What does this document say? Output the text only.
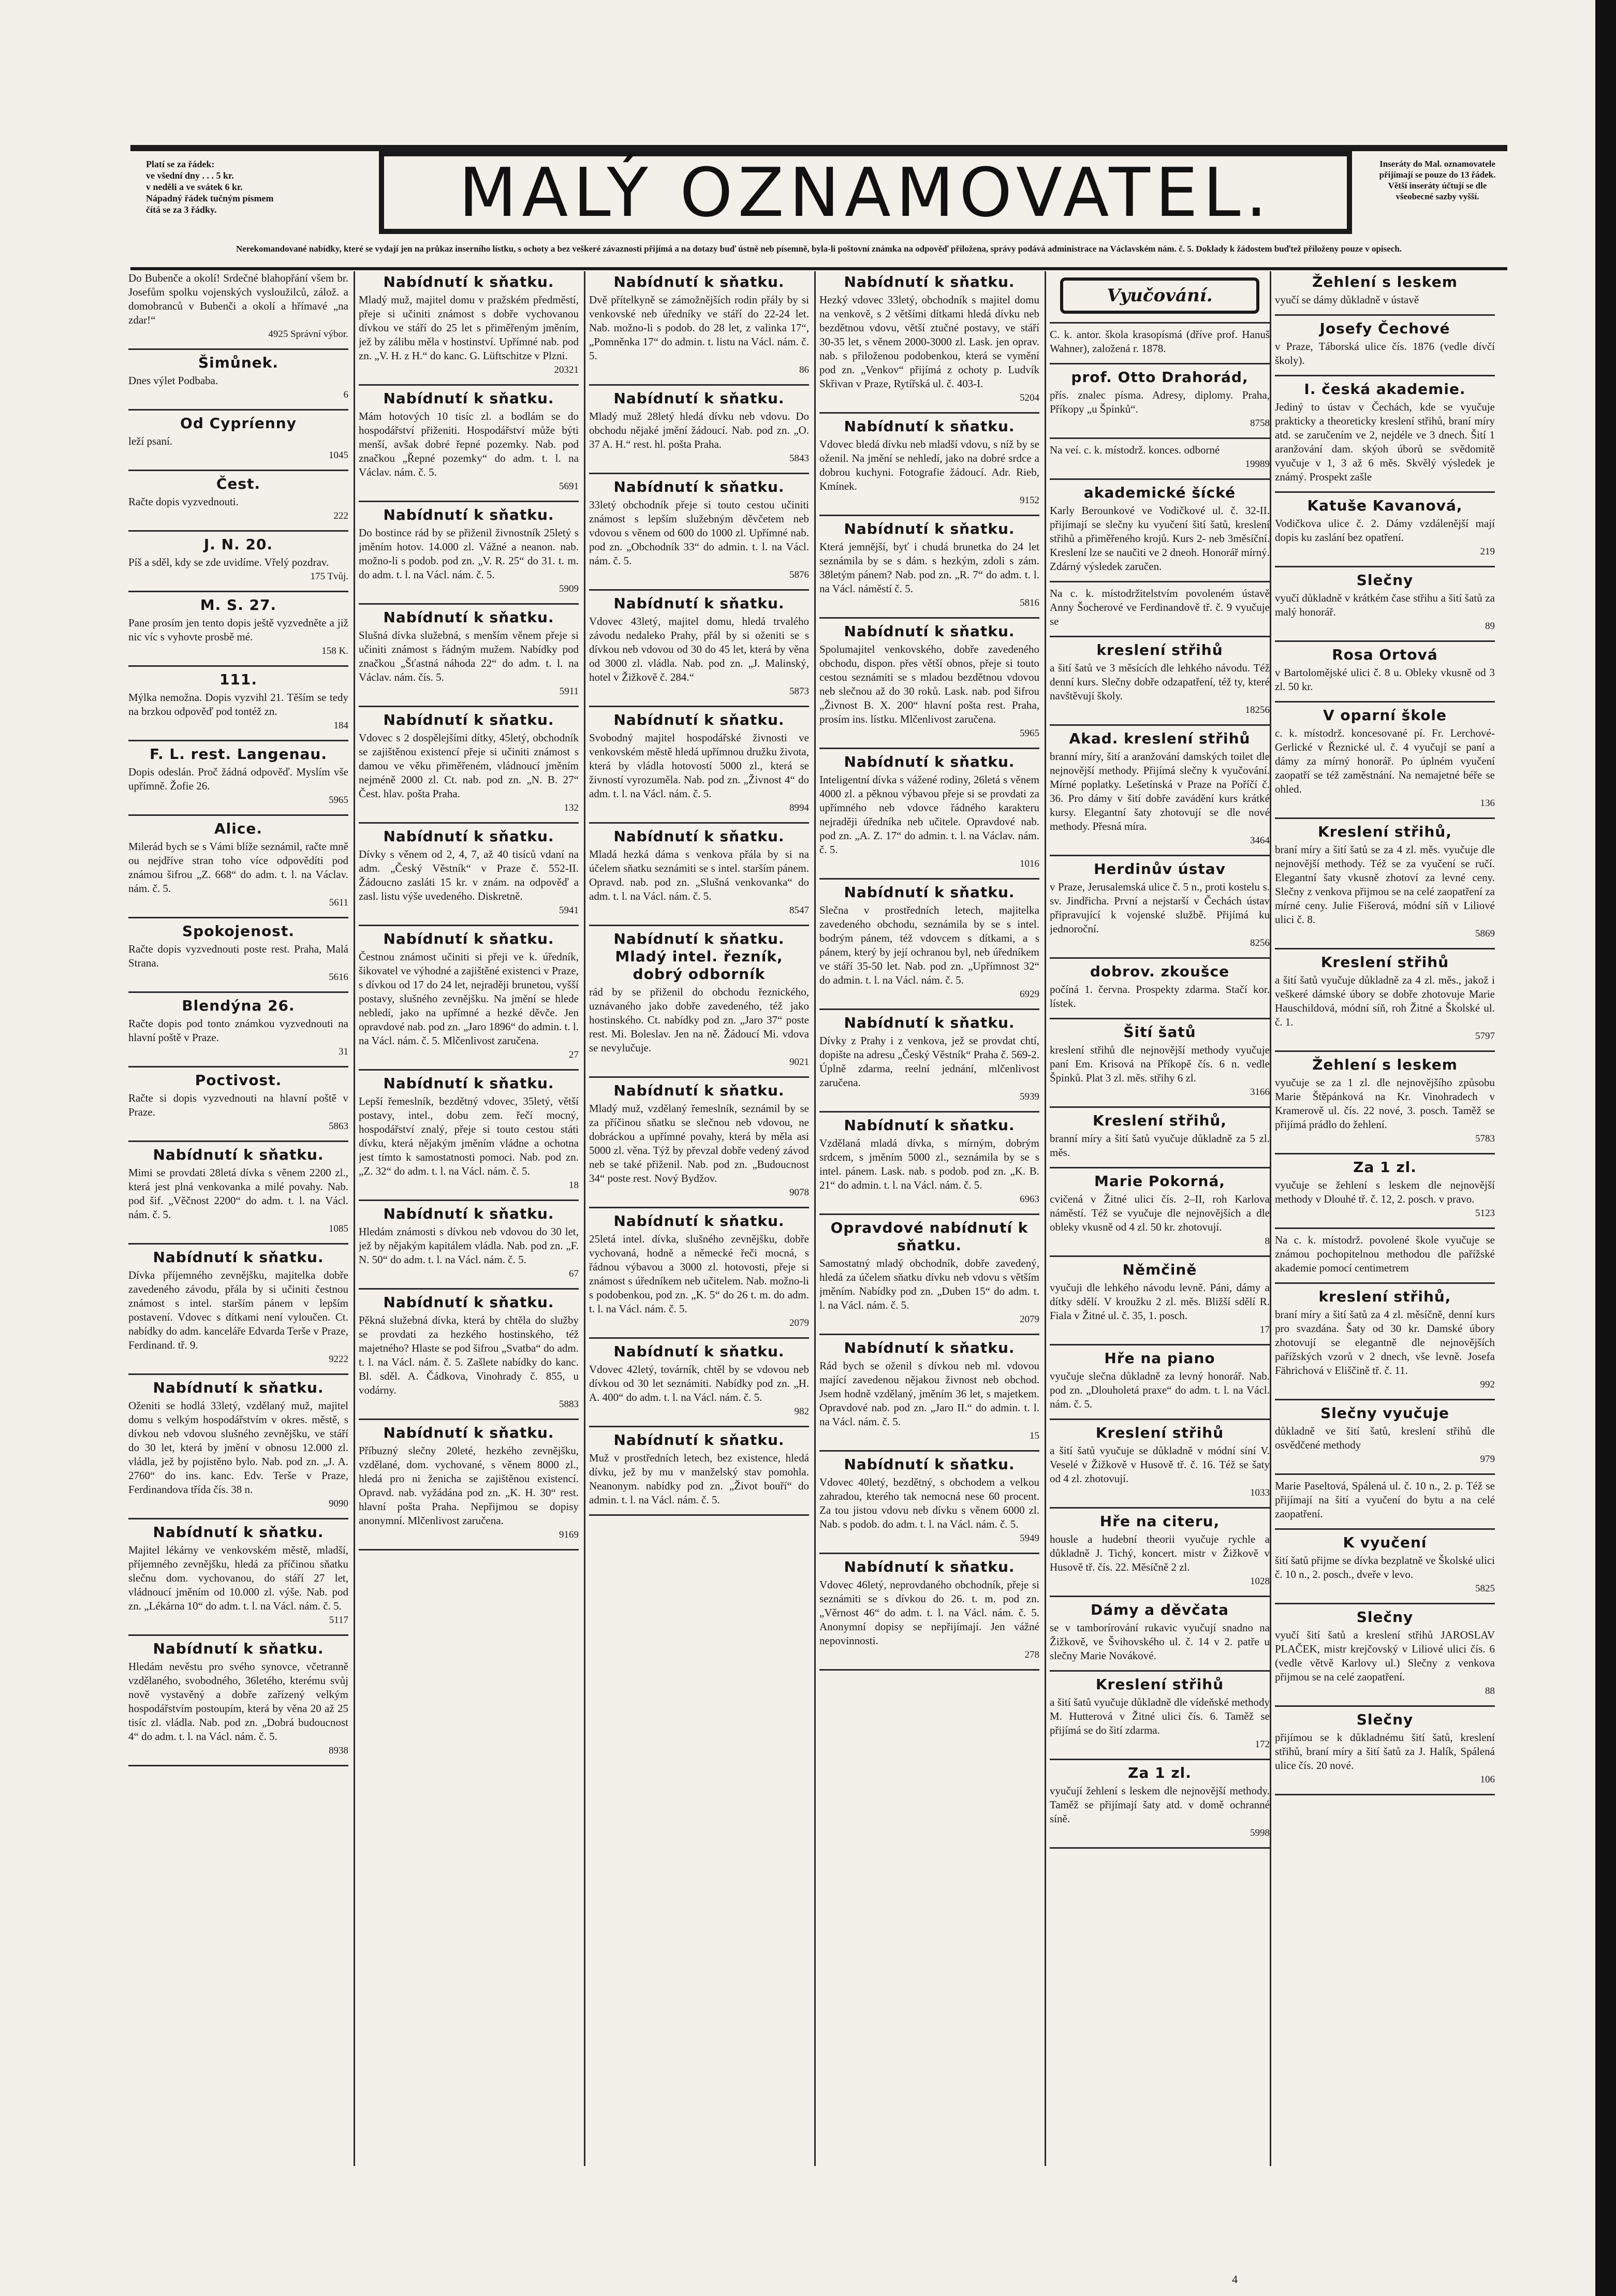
Platí se za řádek:
ve všední dny . . . 5 kr.
v neděli a ve svátek 6 kr.
Nápadný řádek tučným písmem
čítá se za 3 řádky.	MALÝ OZNAMOVATEL.	Inseráty do Mal. oznamovatele
přijímají se pouze do 13 řádek.
Větší inseráty účtují se dle všeobecné sazby vyšší.
Nerekomandované nabídky, které se vydají jen na průkaz inserního lístku, s ochoty a bez veškeré závaznosti přijímá a na dotazy buď ústně neb písemně, byla-li poštovní známka na odpověď přiložena, správy podává administrace na Václavském nám. č. 5. Doklady k žádostem buďtež přiloženy pouze v opisech.
Do Bubenče a okolí! Srdečné blahopřání všem br. Josefům spolku vojenských vysloužilců, zálož. a domobranců v Bubenči a okolí a hřímavé „na zdar!“
4925 Správní výbor.
Šimůnek.
Dnes výlet Podbaba.
6
Od Cypríenny
leží psaní.
1045
Čest.
Račte dopis vyzvednouti.
222
J. N. 20.
Píš a sděl, kdy se zde uvidíme. Vřelý pozdrav.
175 Tvůj.
M. S. 27.
Pane prosím jen tento dopis ještě vyzvedněte a již nic víc s vyhovte prosbě mé.
158 K.
111.
Mýlka nemožna. Dopis vyzvihl 21. Těším se tedy na brzkou odpověď pod tontéž zn.
184
F. L. rest. Langenau.
Dopis odeslán. Proč žádná odpověď. Myslím vše upřímně. Žofie 26.
5965
Alice.
Milerád bych se s Vámi blíže seznámil, račte mně ou nejdříve stran toho více odpovědíti pod známou šifrou „Z. 668“ do adm. t. l. na Václav. nám. č. 5.
5611
Spokojenost.
Račte dopis vyzvednouti poste rest. Praha, Malá Strana.
5616
Blendýna 26.
Račte dopis pod tonto známkou vyzvednouti na hlavní poště v Praze.
31
Poctivost.
Račte si dopis vyzvednouti na hlavní poště v Praze.
5863
Nabídnutí k sňatku.
Mimi se provdati 28letá dívka s věnem 2200 zl., která jest plná venkovanka a milé povahy. Nab. pod šif. „Věčnost 2200“ do adm. t. l. na Václ. nám. č. 5.
1085
Nabídnutí k sňatku.
Dívka příjemného zevnějšku, majitelka dobře zavedeného závodu, přála by si učiniti čestnou známost s intel. starším pánem v lepším postavení. Vdovec s dítkami není vyloučen. Ct. nabídky do adm. kanceláře Edvarda Terše v Praze, Ferdinand. tř. 9.
9222
Nabídnutí k sňatku.
Oženiti se hodlá 33letý, vzdělaný muž, majitel domu s velkým hospodářstvím v okres. městě, s dívkou neb vdovou slušného zevnějšku, ve stáří do 30 let, která by jmění v obnosu 12.000 zl. vládla, jež by pojistěno bylo. Nab. pod zn. „J. A. 2760“ do ins. kanc. Edv. Terše v Praze, Ferdinandova třída čís. 38 n.
9090
Nabídnutí k sňatku.
Majitel lékárny ve venkovském městě, mladší, příjemného zevnějšku, hledá za příčinou sňatku slečnu dom. vychovanou, do stáří 27 let, vládnoucí jměním od 10.000 zl. výše. Nab. pod zn. „Lékárna 10“ do adm. t. l. na Václ. nám. č. 5.
5117
Nabídnutí k sňatku.
Hledám nevěstu pro svého synovce, včetranně vzdělaného, svobodného, 36letého, kterému svůj nově vystavěný a dobře zařízený velkým hospodářstvím postoupím, která by věna 20 až 25 tisíc zl. vládla. Nab. pod zn. „Dobrá budoucnost 4“ do adm. t. l. na Václ. nám. č. 5.
8938
Nabídnutí k sňatku.
Mladý muž, majitel domu v pražském předměstí, přeje si učiniti známost s dobře vychovanou dívkou ve stáří do 25 let s přiměřeným jměním, jež by zálibu měla v hostinství. Upřímné nab. pod zn. „V. H. z H.“ do kanc. G. Lüftschitze v Plzni.
20321
Nabídnutí k sňatku.
Mám hotových 10 tisíc zl. a bodlám se do hospodářství přiženiti. Hospodářství může býti menší, avšak dobré řepné pozemky. Nab. pod značkou „Řepné pozemky“ do adm. t. l. na Václav. nám. č. 5.
5691
Nabídnutí k sňatku.
Do bostince rád by se přiženil živnostník 25letý s jměním hotov. 14.000 zl. Vážné a neanon. nab. možno-li s podob. pod zn. „V. R. 25“ do 31. t. m. do adm. t. l. na Václ. nám. č. 5.
5909
Nabídnutí k sňatku.
Slušná dívka služebná, s menším věnem přeje si učiniti známost s řádným mužem. Nabídky pod značkou „Šťastná náhoda 22“ do adm. t. l. na Václav. nám. čís. 5.
5911
Nabídnutí k sňatku.
Vdovec s 2 dospělejšími dítky, 45letý, obchodník se zajištěnou existencí přeje si učiniti známost s damou ve věku přiměřeném, vládnoucí jměním nejméně 2000 zl. Ct. nab. pod zn. „N. B. 27“ Čest. hlav. pošta Praha.
132
Nabídnutí k sňatku.
Dívky s věnem od 2, 4, 7, až 40 tisíců vdaní na adm. „Český Věstník“ v Praze č. 552-II. Žádoucno zasláti 15 kr. v znám. na odpověď a zasl. listu výše uvedeného. Diskretně.
5941
Nabídnutí k sňatku.
Čestnou známost učiniti si přeji ve k. úředník, šikovatel ve výhodné a zajištěné existenci v Praze, s dívkou od 17 do 24 let, nejraději brunetou, vyšší postavy, slušného zevnějšku. Na jmění se hlede nebledí, jako na upřímné a hezké děvče. Jen opravdové nab. pod zn. „Jaro 1896“ do admin. t. l. na Václ. nám. č. 5. Mlčenlivost zaručena.
27
Nabídnutí k sňatku.
Lepší řemeslník, bezdětný vdovec, 35letý, větší postavy, intel., dobu zem. řečí mocný, hospodářství znalý, přeje si touto cestou státi dívku, která nějakým jměním vládne a ochotna jest tímto k samostatnosti pomoci. Nab. pod zn. „Z. 32“ do adm. t. l. na Václ. nám. č. 5.
18
Nabídnutí k sňatku.
Hledám známosti s dívkou neb vdovou do 30 let, jež by nějakým kapitálem vládla. Nab. pod zn. „F. N. 50“ do adm. t. l. na Václ. nám. č. 5.
67
Nabídnutí k sňatku.
Pěkná služebná dívka, která by chtěla do služby se provdati za hezkého hostinského, též majetného? Hlaste se pod šifrou „Svatba“ do adm. t. l. na Václ. nám. č. 5. Zašlete nabídky do kanc. Bl. sděl. A. Čádkova, Vinohrady č. 855, u vodárny.
5883
Nabídnutí k sňatku.
Příbuzný slečny 20leté, hezkého zevnějšku, vzdělané, dom. vychované, s věnem 8000 zl., hledá pro ni ženicha se zajištěnou existencí. Opravd. nab. vyžádána pod zn. „K. H. 30“ rest. hlavní pošta Praha. Nepřijmou se dopisy anonymní. Mlčenlivost zaručena.
9169
Nabídnutí k sňatku.
Dvě přítelkyně se zámožnějších rodin přály by si venkovské neb úředníky ve stáří do 22-24 let. Nab. možno-li s podob. do 28 let, z valinka 17“, „Pomněnka 17“ do admin. t. listu na Václ. nám. č. 5.
86
Nabídnutí k sňatku.
Mladý muž 28letý hledá dívku neb vdovu. Do obchodu nějaké jmění žádoucí. Nab. pod zn. „O. 37 A. H.“ rest. hl. pošta Praha.
5843
Nabídnutí k sňatku.
33letý obchodník přeje si touto cestou učiniti známost s lepším služebným děvčetem neb vdovou s věnem od 600 do 1000 zl. Upřímné nab. pod zn. „Obchodník 33“ do admin. t. l. na Václ. nám. č. 5.
5876
Nabídnutí k sňatku.
Vdovec 43letý, majitel domu, hledá trvalého závodu nedaleko Prahy, přál by si oženiti se s dívkou neb vdovou od 30 do 45 let, která by věna od 3000 zl. vládla. Nab. pod zn. „J. Malinský, hotel v Žižkově č. 284.“
5873
Nabídnutí k sňatku.
Svobodný majitel hospodářské živnosti ve venkovském městě hledá upřímnou družku života, která by vládla hotovostí 5000 zl., která se živností vyrozuměla. Nab. pod zn. „Živnost 4“ do adm. t. l. na Václ. nám. č. 5.
8994
Nabídnutí k sňatku.
Mladá hezká dáma s venkova přála by si na účelem sňatku seznámiti se s intel. starším pánem. Opravd. nab. pod zn. „Slušná venkovanka“ do adm. t. l. na Václ. nám. č. 5.
8547
Nabídnutí k sňatku. Mladý intel. řezník, dobrý odborník
rád by se přiženil do obchodu řeznického, uznávaného jako dobře zavedeného, též jako hostinského. Ct. nabídky pod zn. „Jaro 37“ poste rest. Mi. Boleslav. Jen na ně. Žádoucí Mi. vdova se nevylučuje.
9021
Nabídnutí k sňatku.
Mladý muž, vzdělaný řemeslník, seznámil by se za příčinou sňatku se slečnou neb vdovou, ne dobráckou a upřímné povahy, která by měla asi 5000 zl. věna. Týž by převzal dobře vedený závod neb se také přiženil. Nab. pod zn. „Budoucnost 34“ poste rest. Nový Bydžov.
9078
Nabídnutí k sňatku.
25letá intel. dívka, slušného zevnějšku, dobře vychovaná, hodně a německé řeči mocná, s řádnou výbavou a 3000 zl. hotovosti, přeje si známost s úředníkem neb učitelem. Nab. možno-li s podobenkou, pod zn. „K. 5“ do 26 t. m. do adm. t. l. na Václ. nám. č. 5.
2079
Nabídnutí k sňatku.
Vdovec 42letý, továrník, chtěl by se vdovou neb dívkou od 30 let seznámiti. Nabídky pod zn. „H. A. 400“ do adm. t. l. na Václ. nám. č. 5.
982
Nabídnutí k sňatku.
Muž v prostředních letech, bez existence, hledá dívku, jež by mu v manželský stav pomohla. Neanonym. nabídky pod zn. „Život bouří“ do admin. t. l. na Václ. nám. č. 5.
Nabídnutí k sňatku.
Hezký vdovec 33letý, obchodník s majitel domu na venkově, s 2 většími dítkami hledá dívku neb bezdětnou vdovu, větší ztučné postavy, ve stáří 30-35 let, s věnem 2000-3000 zl. Lask. jen oprav. nab. s přiloženou podobenkou, která se vymění pod zn. „Venkov“ přijímá z ochoty p. Ludvík Skřivan v Praze, Rytířská ul. č. 403-I.
5204
Nabídnutí k sňatku.
Vdovec bledá dívku neb mladší vdovu, s níž by se oženil. Na jmění se nehledí, jako na dobré srdce a dobrou kuchyni. Fotografie žádoucí. Adr. Rieb, Kmínek.
9152
Nabídnutí k sňatku.
Která jemnější, byť i chudá brunetka do 24 let seznámila by se s dám. s hezkým, zdoli s zám. 38letým pánem? Nab. pod zn. „R. 7“ do adm. t. l. na Václ. náměstí č. 5.
5816
Nabídnutí k sňatku.
Spolumajitel venkovského, dobře zavedeného obchodu, dispon. přes větší obnos, přeje si touto cestou seznámiti se s mladou bezdětnou vdovou neb slečnou až do 30 roků. Lask. nab. pod šifrou „Živnost B. X. 200“ hlavní pošta rest. Praha, prosím ins. lístku. Mlčenlivost zaručena.
5965
Nabídnutí k sňatku.
Inteligentní dívka s vážené rodiny, 26letá s věnem 4000 zl. a pěknou výbavou přeje si se provdati za upřímného neb vdovce řádného karakteru nejraději úředníka neb učitele. Opravdové nab. pod zn. „A. Z. 17“ do admin. t. l. na Václav. nám. č. 5.
1016
Nabídnutí k sňatku.
Slečna v prostředních letech, majitelka zavedeného obchodu, seznámila by se s intel. bodrým pánem, též vdovcem s dítkami, a s pánem, který by její ochranou byl, neb úředníkem ve stáří 35-50 let. Nab. pod zn. „Upřímnost 32“ do admin. t. l. na Václ. nám. č. 5.
6929
Nabídnutí k sňatku.
Dívky z Prahy i z venkova, jež se provdat chtí, dopište na adresu „Český Věstník“ Praha č. 569-2. Úplně zdarma, reelní jednání, mlčenlivost zaručena.
5939
Nabídnutí k sňatku.
Vzdělaná mladá dívka, s mírným, dobrým srdcem, s jměním 5000 zl., seznámila by se s intel. pánem. Lask. nab. s podob. pod zn. „K. B. 21“ do admin. t. l. na Václ. nám. č. 5.
6963
Opravdové nabídnutí k sňatku.
Samostatný mladý obchodník, dobře zavedený, hledá za účelem sňatku dívku neb vdovu s větším jměním. Nabídky pod zn. „Duben 15“ do adm. t. l. na Václ. nám. č. 5.
2079
Nabídnutí k sňatku.
Rád bych se oženil s dívkou neb ml. vdovou mající zavedenou nějakou živnost neb obchod. Jsem hodně vzdělaný, jměním 36 let, s majetkem. Opravdové nab. pod zn. „Jaro II.“ do admin. t. l. na Václ. nám. č. 5.
15
Nabídnutí k sňatku.
Vdovec 40letý, bezdětný, s obchodem a velkou zahradou, kterého tak nemocná nese 60 procent. Za tou jistou vdovu neb dívku s věnem 6000 zl. Nab. s podob. do adm. t. l. na Václ. nám. č. 5.
5949
Nabídnutí k sňatku.
Vdovec 46letý, neprovdaného obchodník, přeje si seznámiti se s dívkou do 26. t. m. pod zn. „Věrnost 46“ do adm. t. l. na Václ. nám. č. 5. Anonymní dopisy se nepřijímají. Jen vážné nepovinnosti.
278
Vyučování.
C. k. antor. škola krasopísmá (dříve prof. Hanuš Wahner), založená r. 1878.
prof. Otto Drahorád,
přís. znalec písma. Adresy, diplomy. Praha, Příkopy „u Špinků“.
8758
Na veí. c. k. místodrž. konces. odborné
19989
akademické šícké
Karly Berounkové ve Vodičkové ul. č. 32-II. přijímají se slečny ku vyučení šití šatů, kreslení střihů a přiměřeného krojů. Kurs 2- neb 3měsíční. Kreslení lze se naučiti ve 2 dneoh. Honorář mírný. Zdárný výsledek zaručen.
Na c. k. místodržitelstvím povoleném ústavě Anny Šocherové ve Ferdinandově tř. č. 9 vyučuje se
kreslení střihů
a šití šatů ve 3 měsících dle lehkého návodu. Též denní kurs. Slečny dobře odzapatření, též ty, které navštěvují školy.
18256
Akad. kreslení střihů
branní míry, šití a aranžování damských toilet dle nejnovější methody. Přijímá slečny k vyučování. Mírné poplatky. Lešetínská v Praze na Poříčí č. 36. Pro dámy v šití dobře zavádění kurs krátké kursy. Elegantní šaty zhotovují se dle nové methody. Přesná míra.
3464
Herdinův ústav
v Praze, Jerusalemská ulice č. 5 n., proti kostelu s. sv. Jindřicha. První a nejstarší v Čechách ústav připravující k vojenské službě. Přijímá ku jednoroční.
8256
dobrov. zkoušce
počíná 1. června. Prospekty zdarma. Stačí kor. lístek.
Šití šatů
kreslení střihů dle nejnovější methody vyučuje paní Em. Krisová na Příkopě čís. 6 n. vedle Špinků. Plat 3 zl. měs. střihy 6 zl.
3166
Kreslení střihů,
branní míry a šití šatů vyučuje důkladně za 5 zl. měs.
Marie Pokorná,
cvičená v Žitné ulici čís. 2–II, roh Karlova náměstí. Též se vyučuje dle nejnovějších a dle obleky vkusně od 4 zl. 50 kr. zhotovují.
8
Němčině
vyučuji dle lehkého návodu levně. Páni, dámy a dítky sdělí. V kroužku 2 zl. měs. Bližší sdělí R. Fiala v Žitné ul. č. 35, 1. posch.
17
Hře na piano
vyučuje slečna důkladně za levný honorář. Nab. pod zn. „Dlouholetá praxe“ do adm. t. l. na Václ. nám. č. 5.
Kreslení střihů
a šití šatů vyučuje se důkladně v módní síní V. Veselé v Žižkově v Husově tř. č. 16. Též se šaty od 4 zl. zhotovují.
1033
Hře na citeru,
housle a hudební theorii vyučuje rychle a důkladně J. Tichý, koncert. mistr v Žižkově v Husově tř. čís. 22. Měsíčně 2 zl.
1028
Dámy a děvčata
se v tamborírování rukavic vyučují snadno na Žižkově, ve Švihovského ul. č. 14 v 2. patře u slečny Marie Novákové.
Kreslení střihů
a šití šatů vyučuje důkladně dle vídeňské methody M. Hutterová v Žitné ulici čís. 6. Taměž se přijímá se do šití zdarma.
172
Za 1 zl.
vyučují žehlení s leskem dle nejnovější methody. Taměž se přijímají šaty atd. v domě ochranné síně.
5998
Žehlení s leskem
vyučí se dámy důkladně v ústavě
Josefy Čechové
v Praze, Táborská ulice čís. 1876 (vedle dívčí školy).
I. česká akademie.
Jediný to ústav v Čechách, kde se vyučuje prakticky a theoreticky kreslení střihů, braní míry atd. se zaručením ve 2, nejdéle ve 3 dnech. Šití 1 aranžování dam. skýoh úborů se svědomitě vyučuje v 1, 3 až 6 měs. Skvělý výsledek je známý. Prospekt zašle
Katuše Kavanová,
Vodičkova ulice č. 2. Dámy vzdálenější mají dopis ku zaslání bez opatření.
219
Slečny
vyučí důkladně v krátkém čase střihu a šití šatů za malý honorář.
89
Rosa Ortová
v Bartolomějské ulici č. 8 u. Obleky vkusně od 3 zl. 50 kr.
V oparní škole
c. k. místodrž. koncesované pí. Fr. Lerchové-Gerlické v Řeznické ul. č. 4 vyučují se paní a dámy za mírný honorář. Po úplném vyučení zaopatří se též zaměstnání. Na nemajetné béře se ohled.
136
Kreslení střihů,
braní míry a šití šatů se za 4 zl. měs. vyučuje dle nejnovější methody. Též se za vyučení se ručí. Elegantní šaty vkusně zhotoví za levné ceny. Slečny z venkova přijmou se na celé zaopatření za mírné ceny. Julie Fišerová, módní síň v Liliové ulici č. 8.
5869
Kreslení střihů
a šití šatů vyučuje důkladně za 4 zl. měs., jakož i veškeré dámské úbory se dobře zhotovuje Marie Hauschildová, módní síň, roh Žitné a Školské ul. č. 1.
5797
Žehlení s leskem
vyučuje se za 1 zl. dle nejnovějšího způsobu Marie Štěpánková na Kr. Vinohradech v Kramerově ul. čís. 22 nové, 3. posch. Taměž se přijímá prádlo do žehlení.
5783
Za 1 zl.
vyučuje se žehlení s leskem dle nejnovější methody v Dlouhé tř. č. 12, 2. posch. v pravo.
5123
Na c. k. místodrž. povolené škole vyučuje se známou pochopitelnou methodou dle pařížské akademie pomocí centimetrem
kreslení střihů,
braní míry a šití šatů za 4 zl. měsíčně, denní kurs pro svazdána. Šaty od 30 kr. Damské úbory zhotovují se elegantně dle nejnovějších pařížských vzorů v 2 dnech, vše levně. Josefa Fährichová v Eliščině tř. č. 11.
992
Slečny vyučuje
důkladně ve šití šatů, kreslení střihů dle osvědčené methody
979
Marie Paseltová, Spálená ul. č. 10 n., 2. p. Též se přijímají na šití a vyučení do bytu a na celé zaopatření.
K vyučení
šití šatů přijme se dívka bezplatně ve Školské ulici č. 10 n., 2. posch., dveře v levo.
5825
Slečny
vyučí šití šatů a kreslení střihů JAROSLAV PLAČEK, mistr krejčovský v Liliové ulici čís. 6 (vedle větvě Karlovy ul.) Slečny z venkova přijmou se na celé zaopatření.
88
Slečny
přijímou se k důkladnému šití šatů, kreslení střihů, braní míry a šití šatů za J. Halík, Spálená ulice čís. 20 nové.
106
4
